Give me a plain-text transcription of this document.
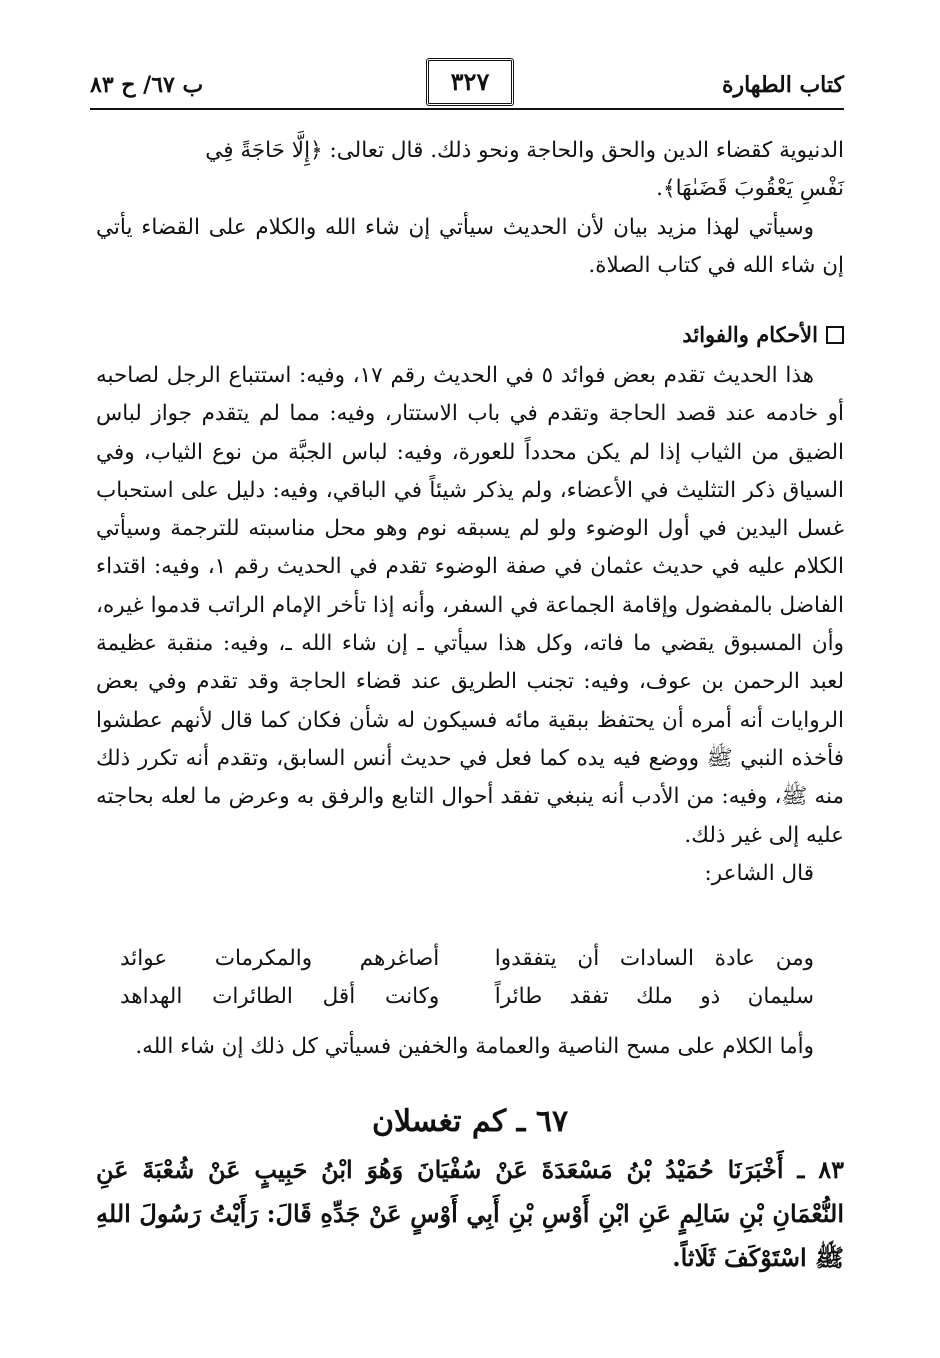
كتاب الطهارة
٣٢٧
ب ٦٧/ ح ٨٣

الدنيوية كقضاء الدين والحق والحاجة ونحو ذلك. قال تعالى: ﴿إِلَّا حَاجَةً فِي

نَفْسِ يَعْقُوبَ قَضَىٰهَا﴾.

وسيأتي لهذا مزيد بيان لأن الحديث سيأتي إن شاء الله والكلام على القضاء يأتي إن شاء الله في كتاب الصلاة.

الأحكام والفوائد

هذا الحديث تقدم بعض فوائد ٥ في الحديث رقم ١٧، وفيه: استتباع الرجل لصاحبه أو خادمه عند قصد الحاجة وتقدم في باب الاستتار، وفيه: مما لم يتقدم جواز لباس الضيق من الثياب إذا لم يكن محدداً للعورة، وفيه: لباس الجبَّة من نوع الثياب، وفي السياق ذكر التثليث في الأعضاء، ولم يذكر شيئاً في الباقي، وفيه: دليل على استحباب غسل اليدين في أول الوضوء ولو لم يسبقه نوم وهو محل مناسبته للترجمة وسيأتي الكلام عليه في حديث عثمان في صفة الوضوء تقدم في الحديث رقم ١، وفيه: اقتداء الفاضل بالمفضول وإقامة الجماعة في السفر، وأنه إذا تأخر الإمام الراتب قدموا غيره، وأن المسبوق يقضي ما فاته، وكل هذا سيأتي ـ إن شاء الله ـ، وفيه: منقبة عظيمة لعبد الرحمن بن عوف، وفيه: تجنب الطريق عند قضاء الحاجة وقد تقدم وفي بعض الروايات أنه أمره أن يحتفظ ببقية مائه فسيكون له شأن فكان كما قال لأنهم عطشوا فأخذه النبي ﷺ ووضع فيه يده كما فعل في حديث أنس السابق، وتقدم أنه تكرر ذلك منه ﷺ، وفيه: من الأدب أنه ينبغي تفقد أحوال التابع والرفق به وعرض ما لعله بحاجته عليه إلى غير ذلك.

قال الشاعر:

ومن عادة السادات أن يتفقدوا
أصاغرهم والمكرمات عوائد
سليمان ذو ملك تفقد طائراً
وكانت أقل الطائرات الهداهد

وأما الكلام على مسح الناصية والعمامة والخفين فسيأتي كل ذلك إن شاء الله.

٦٧ ـ كم تغسلان

٨٣ ـ أَخْبَرَنَا حُمَيْدُ بْنُ مَسْعَدَةَ عَنْ سُفْيَانَ وَهُوَ ابْنُ حَبِيبٍ عَنْ شُعْبَةَ عَنِ النُّعْمَانِ بْنِ سَالِمٍ عَنِ ابْنِ أَوْسِ بْنِ أَبِي أَوْسٍ عَنْ جَدِّهِ قَالَ: رَأَيْتُ رَسُولَ اللهِ ﷺ اسْتَوْكَفَ ثَلَاثاً.
